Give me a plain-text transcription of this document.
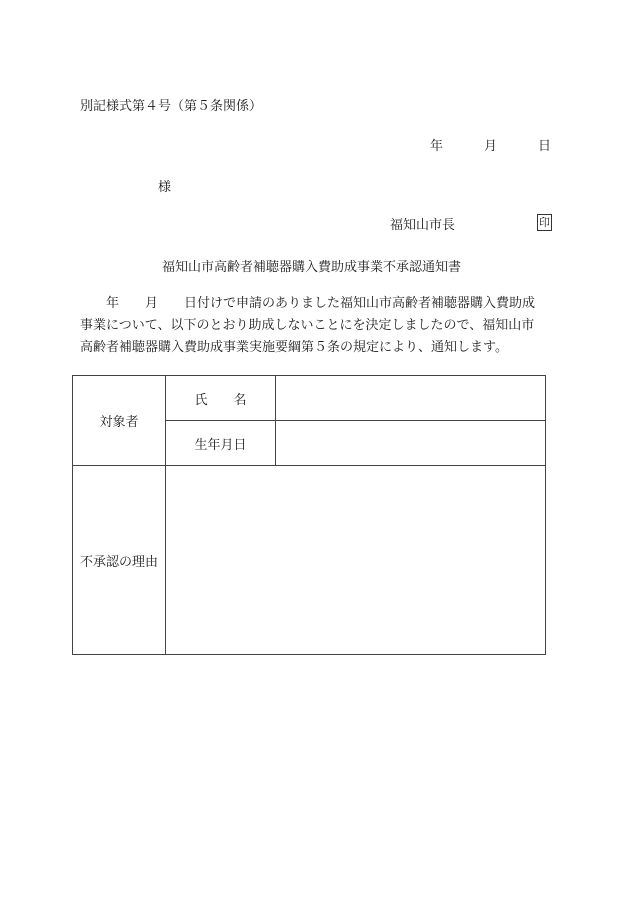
別記様式第４号（第５条関係）
年	月	日
様
福知山市長	印
福知山市高齢者補聴器購入費助成事業不承認通知書
　　年　　月　　日付けで申請のありました福知山市高齢者補聴器購入費助成
事業について、以下のとおり助成しないことにを決定しましたので、福知山市
高齢者補聴器購入費助成事業実施要綱第５条の規定により、通知します。
対象者	氏　　名	
	生年月日	
不承認の理由		
